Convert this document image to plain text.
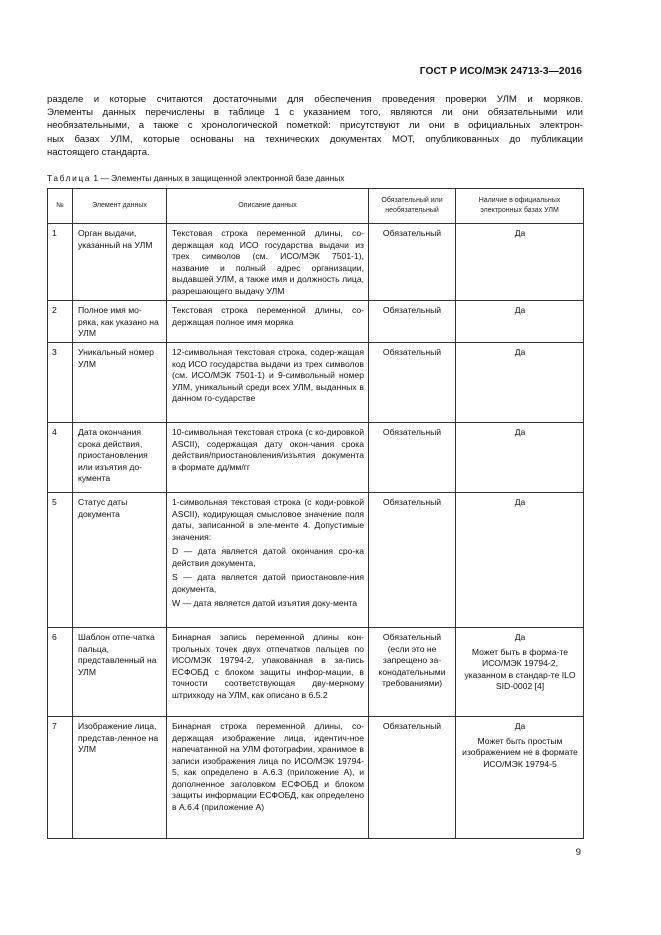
ГОСТ Р ИСО/МЭК 24713-3—2016
разделе и которые считаются достаточными для обеспечения проведения проверки УЛМ и моряков.
Элементы данных перечислены в таблице 1 с указанием того, являются ли они обязательными или
необязательными, а также с хронологической пометкой: присутствуют ли они в официальных электрон-
ных базах УЛМ, которые основаны на технических документах МОТ, опубликованных до публикации
настоящего стандарта.
Таблица 1 — Элементы данных в защищенной электронной базе данных
№	Элемент данных	Описание данных	Обязательный или необязательный	Наличие в официальных электронных базах УЛМ
1	Орган выдачи, указанный на УЛМ	Текстовая строка переменной длины, со-держащая код ИСО государства выдачи из трех символов (см. ИСО/МЭК 7501-1), название и полный адрес организации, выдавшей УЛМ, а также имя и должность лица, разрешающего выдачу УЛМ	Обязательный	Да

2	Полное имя мо-ряка, как указано на УЛМ	Текстовая строка переменной длины, со-держащая полное имя моряка	Обязательный	Да

3	Уникальный номер УЛМ	12-символьная текстовая строка, содер-жащая код ИСО государства выдачи из трех символов (см. ИСО/МЭК 7501-1) и 9-символьный номер УЛМ, уникальный среди всех УЛМ, выданных в данном го-сударстве	Обязательный	Да

4	Дата окончания срока действия, приостановления или изъятия до-кумента	10-символьная текстовая строка (с ко-дировкой ASCII), содержащая дату окон-чания срока действия/приостановления/изъятия документа в формате дд/мм/гг	Обязательный	Да

5	Статус даты документа	1-символьная текстовая строка (с коди-ровкой ASCII), кодирующая смысловое значение поля даты, записанной в эле-менте 4. Допустимые значения:
D — дата является датой окончания сро-ка действия документа,
S — дата является датой приостановле-ния документа,
W — дата является датой изъятия доку-мента	Обязательный	Да

6	Шаблон отпе-чатка пальца, представленный на УЛМ	Бинарная запись переменной длины кон-трольных точек двух отпечатков пальцев по ИСО/МЭК 19794-2, упакованная в за-пись ЕСФОБД с блоком защиты инфор-мации, в точности соответствующая дву-мерному штрихкоду на УЛМ, как описано в 6.5.2	Обязательный (если это не запрещено за-конодательными требованиями)	Да
Может быть в форма-те ИСО/МЭК 19794-2, указанном в стандар-те ILO SID-0002 [4]

7	Изображение лица, представ-ленное на УЛМ	Бинарная строка переменной длины, со-держащая изображение лица, идентич-ное напечатанной на УЛМ фотографии, хранимое в записи изображения лица по ИСО/МЭК 19794-5, как определено в А.6.3 (приложение А), и дополненное заголовком ЕСФОБД и блоком защиты информации ЕСФОБД, как определено в А.6.4 (приложение А)	Обязательный	Да
Может быть простым изображением не в формате ИСО/МЭК 19794-5
9
